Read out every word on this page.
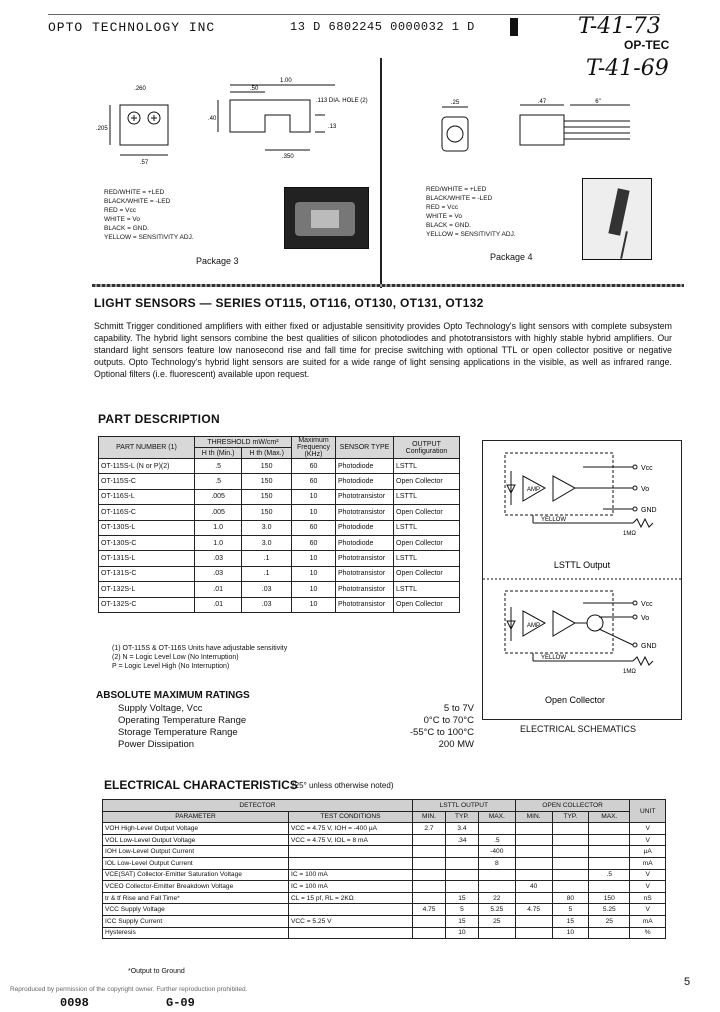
OPTO TECHNOLOGY INC	13 D 6802245 0000032 1 D	T-41-73
OP-TEC
T-41-69
.260
.205
.57
1.00
.50
.40
.113 DIA. HOLE (2)
.13
.350
RED/WHITE = +LED
BLACK/WHITE = -LED
RED = Vcc
WHITE = Vo
BLACK = GND.
YELLOW = SENSITIVITY ADJ.
Package 3
.25	.47	6"
RED/WHITE = +LED
BLACK/WHITE = -LED
RED = Vcc
WHITE = Vo
BLACK = GND.
YELLOW = SENSITIVITY ADJ.
Package 4
LIGHT SENSORS — SERIES OT115, OT116, OT130, OT131, OT132
Schmitt Trigger conditioned amplifiers with either fixed or adjustable sensitivity provides Opto Technology's light sensors with complete subsystem capability. The hybrid light sensors combine the best qualities of silicon photodiodes and phototransistors with highly stable hybrid amplifiers. Our standard light sensors feature low nanosecond rise and fall time for precise switching with optional TTL or open collector positive or negative outputs. Opto Technology's hybrid light sensors are suited for a wide range of light sensing applications in the visible, as well as infrared range. Optional filters (i.e. fluorescent) available upon request.
PART DESCRIPTION
PART NUMBER (1)	THRESHOLD mW/cm²		Maximum Frequency (KHz)	SENSOR TYPE	OUTPUT Configuration
	H th (Min.)	H th (Max.)			
OT-115S-L (N or P)(2)	.5	150	60	Photodiode	LSTTL
OT-115S-C	.5	150	60	Photodiode	Open Collector
OT-116S-L	.005	150	10	Phototransistor	LSTTL
OT-116S-C	.005	150	10	Phototransistor	Open Collector
OT-130S-L	1.0	3.0	60	Photodiode	LSTTL
OT-130S-C	1.0	3.0	60	Photodiode	Open Collector
OT-131S-L	.03	.1	10	Phototransistor	LSTTL
OT-131S-C	.03	.1	10	Phototransistor	Open Collector
OT-132S-L	.01	.03	10	Phototransistor	LSTTL
OT-132S-C	.01	.03	10	Phototransistor	Open Collector
(1) OT-115S & OT-116S Units have adjustable sensitivity
(2) N = Logic Level Low (No Interruption)
P = Logic Level High (No Interruption)
AMP
AMP
Vcc
Vo
GND
YELLOW
1MΩ
Vcc
Vo
GND
YELLOW
1MΩ
LSTTL Output
Open Collector
ELECTRICAL SCHEMATICS
ABSOLUTE MAXIMUM RATINGS
Supply Voltage, Vcc	5 to 7V
Operating Temperature Range	0°C to 70°C
Storage Temperature Range	-55°C to 100°C
Power Dissipation	200 MW
ELECTRICAL CHARACTERISTICS
(25° unless otherwise noted)
DETECTOR		LSTTL OUTPUT			OPEN COLLECTOR			UNIT
PARAMETER	TEST CONDITIONS	MIN.	TYP.	MAX.	MIN.	TYP.	MAX.	
VOH High-Level Output Voltage	VCC = 4.75 V, IOH = -400 µA	2.7	3.4					V
VOL Low-Level Output Voltage	VCC = 4.75 V, IOL = 8 mA		.34	.5				V
IOH Low-Level Output Current				-400				µA
IOL Low-Level Output Current				8				mA
VCE(SAT) Collector-Emitter Saturation Voltage	IC = 100 mA						.5	V
VCEO Collector-Emitter Breakdown Voltage	IC = 100 mA				40			V
tr & tf Rise and Fall Time*	CL = 15 pf, RL = 2KΩ		15	22		80	150	nS
VCC Supply Voltage		4.75	5	5.25	4.75	5	5.25	V
ICC Supply Current	VCC = 5.25 V		15	25		15	25	mA
Hysteresis			10			10		%
*Output to Ground
5
Reproduced by permission of the copyright owner. Further reproduction prohibited.
0098	G-09
